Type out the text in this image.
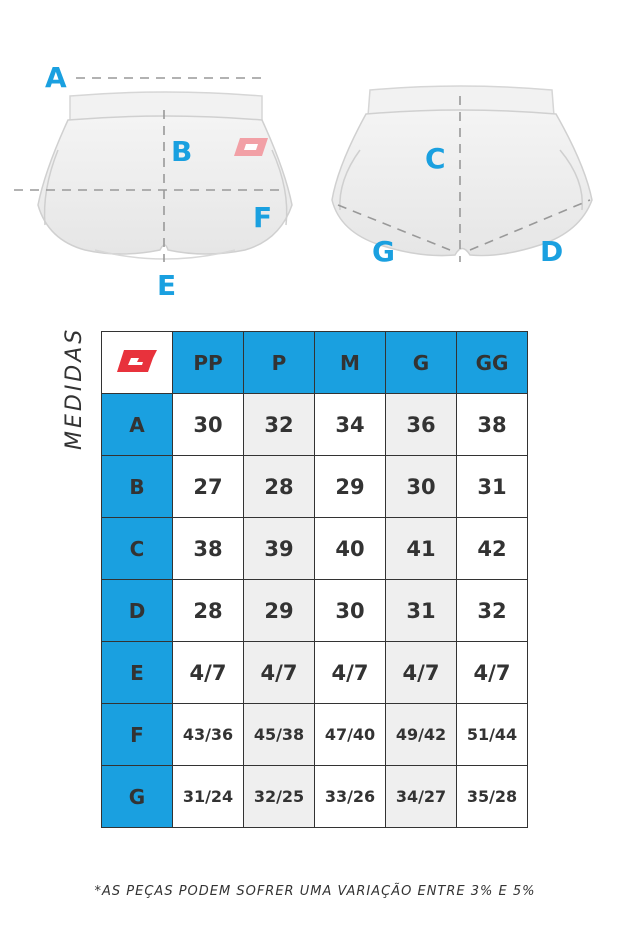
A
B
F
E
C
G	D
MEDIDAS
		PP	P	M	G	GG
A	30	32	34	36	38
B	27	28	29	30	31
C	38	39	40	41	42
D	28	29	30	31	32
E	4/7	4/7	4/7	4/7	4/7
F	43/36	45/38	47/40	49/42	51/44
G	31/24	32/25	33/26	34/27	35/28
*AS PEÇAS PODEM SOFRER UMA VARIAÇÃO ENTRE 3% E 5%
